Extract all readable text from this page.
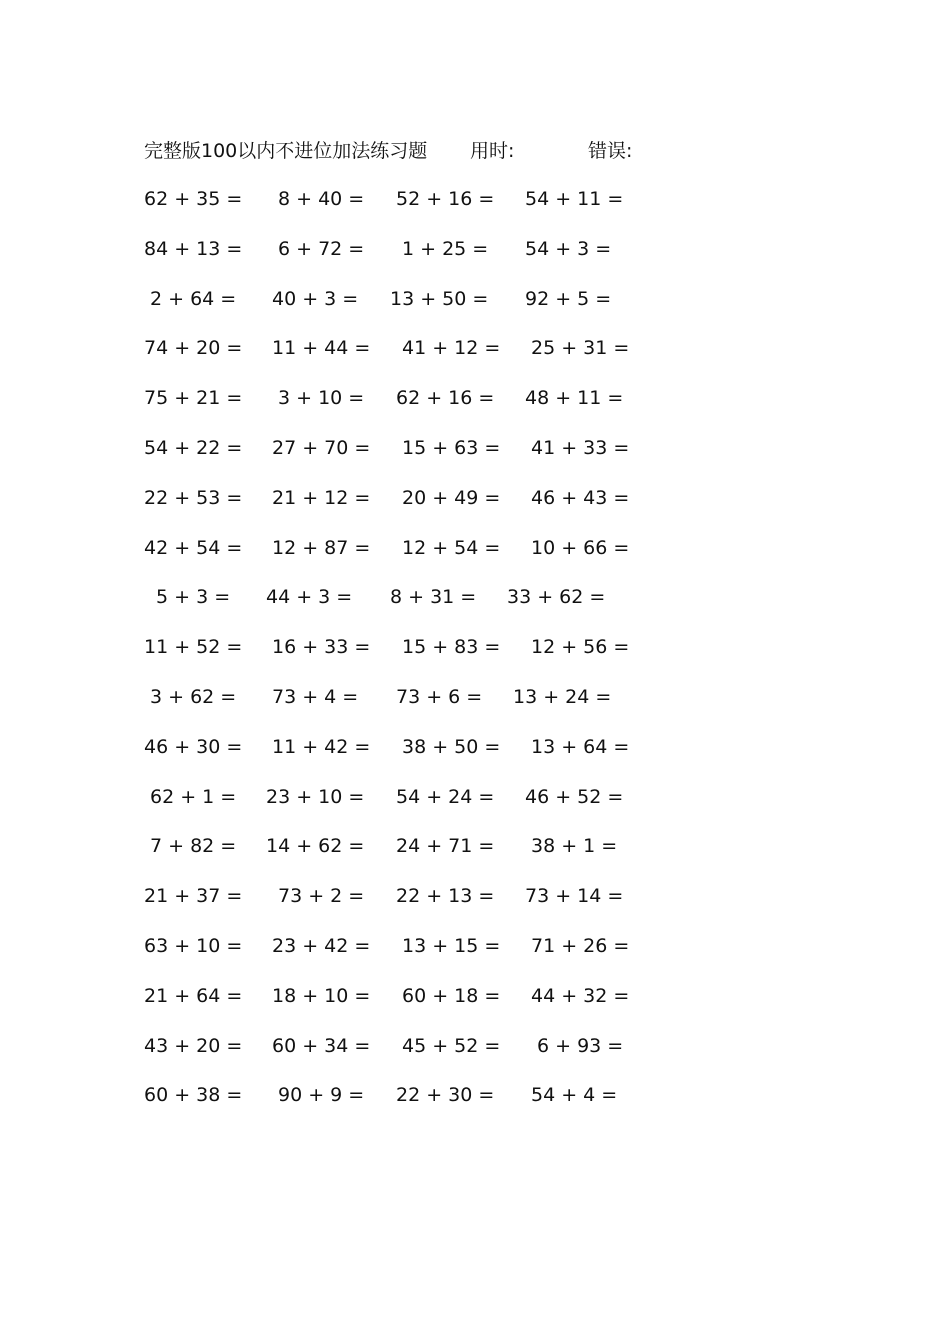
完整版100以内不进位加法练习题 用时:	错误:
62 + 35 = 8 + 40 = 52 + 16 = 54 + 11 =
84 + 13 = 6 + 72 = 1 + 25 = 54 + 3 =
2 + 64 = 40 + 3 = 13 + 50 = 92 + 5 =
74 + 20 = 11 + 44 = 41 + 12 = 25 + 31 =
75 + 21 = 3 + 10 = 62 + 16 = 48 + 11 =
54 + 22 = 27 + 70 = 15 + 63 = 41 + 33 =
22 + 53 = 21 + 12 = 20 + 49 = 46 + 43 =
42 + 54 = 12 + 87 = 12 + 54 = 10 + 66 =
5 + 3 = 44 + 3 = 8 + 31 = 33 + 62 =
11 + 52 = 16 + 33 = 15 + 83 = 12 + 56 =
3 + 62 = 73 + 4 = 73 + 6 = 13 + 24 =
46 + 30 = 11 + 42 = 38 + 50 = 13 + 64 =
62 + 1 = 23 + 10 = 54 + 24 = 46 + 52 =
7 + 82 = 14 + 62 = 24 + 71 = 38 + 1 =
21 + 37 = 73 + 2 = 22 + 13 = 73 + 14 =
63 + 10 = 23 + 42 = 13 + 15 = 71 + 26 =
21 + 64 = 18 + 10 = 60 + 18 = 44 + 32 =
43 + 20 = 60 + 34 = 45 + 52 = 6 + 93 =
60 + 38 = 90 + 9 = 22 + 30 = 54 + 4 =
